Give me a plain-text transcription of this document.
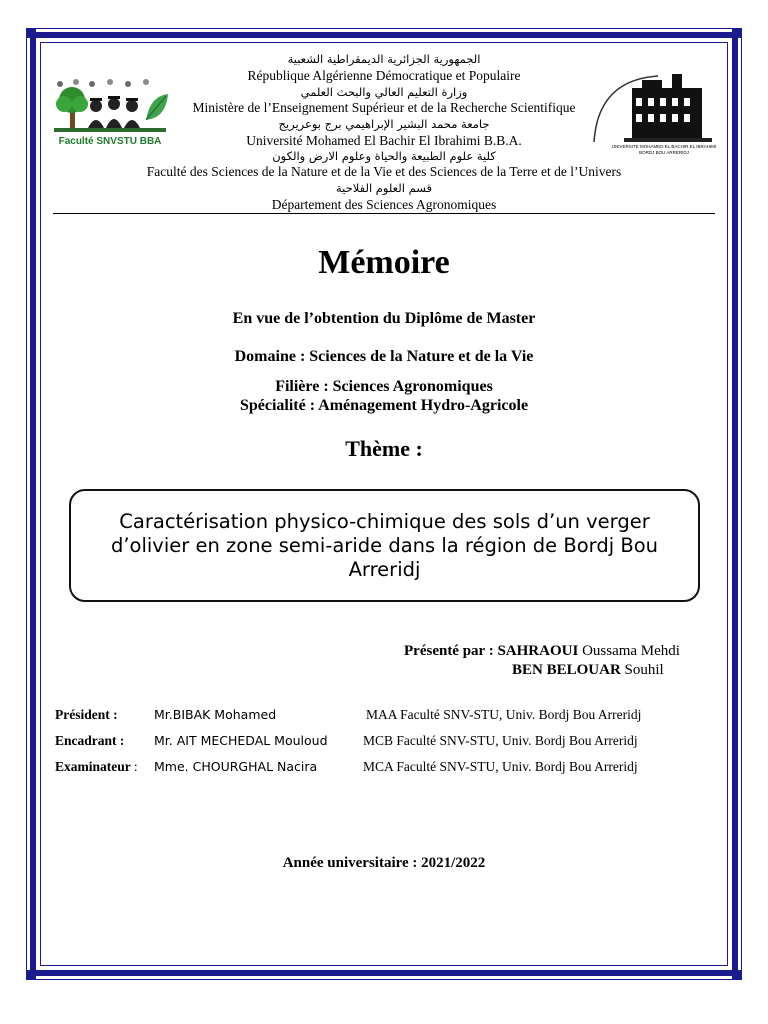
Faculté SNVSTU BBA	UNIVERSITE MOHAMED EL BACHIR EL IBRAHIMI
BORDJ BOU ARRERIDJ
الجمهورية الجزائرية الديمقراطية الشعبية
République Algérienne Démocratique et Populaire
وزارة التعليم العالي والبحث العلمي
Ministère de l’Enseignement Supérieur et de la Recherche Scientifique
جامعة محمد البشير الإبراهيمي برج بوعريريج
Université Mohamed El Bachir El Ibrahimi B.B.A.
كلية علوم الطبيعة والحياة وعلوم الارض والكون
Faculté des Sciences de la Nature et de la Vie et des Sciences de la Terre et de l’Univers
قسم العلوم الفلاحية
Département des Sciences Agronomiques
Mémoire
En vue de l’obtention du Diplôme de Master
Domaine : Sciences de la Nature et de la Vie
Filière : Sciences Agronomiques
Spécialité : Aménagement Hydro-Agricole
Thème :
Caractérisation physico-chimique des sols d’un verger d’olivier en zone semi-aride dans la région de Bordj Bou Arreridj
Présenté par : SAHRAOUI Oussama Mehdi
BEN BELOUAR Souhil
Président :	Mr.BIBAK Mohamed	MAA Faculté SNV-STU, Univ. Bordj Bou Arreridj
Encadrant : Mr. AIT MECHEDAL Mouloud	MCB Faculté SNV-STU, Univ. Bordj Bou Arreridj
Examinateur : Mme. CHOURGHAL Nacira	MCA Faculté SNV-STU, Univ. Bordj Bou Arreridj
Année universitaire : 2021/2022
